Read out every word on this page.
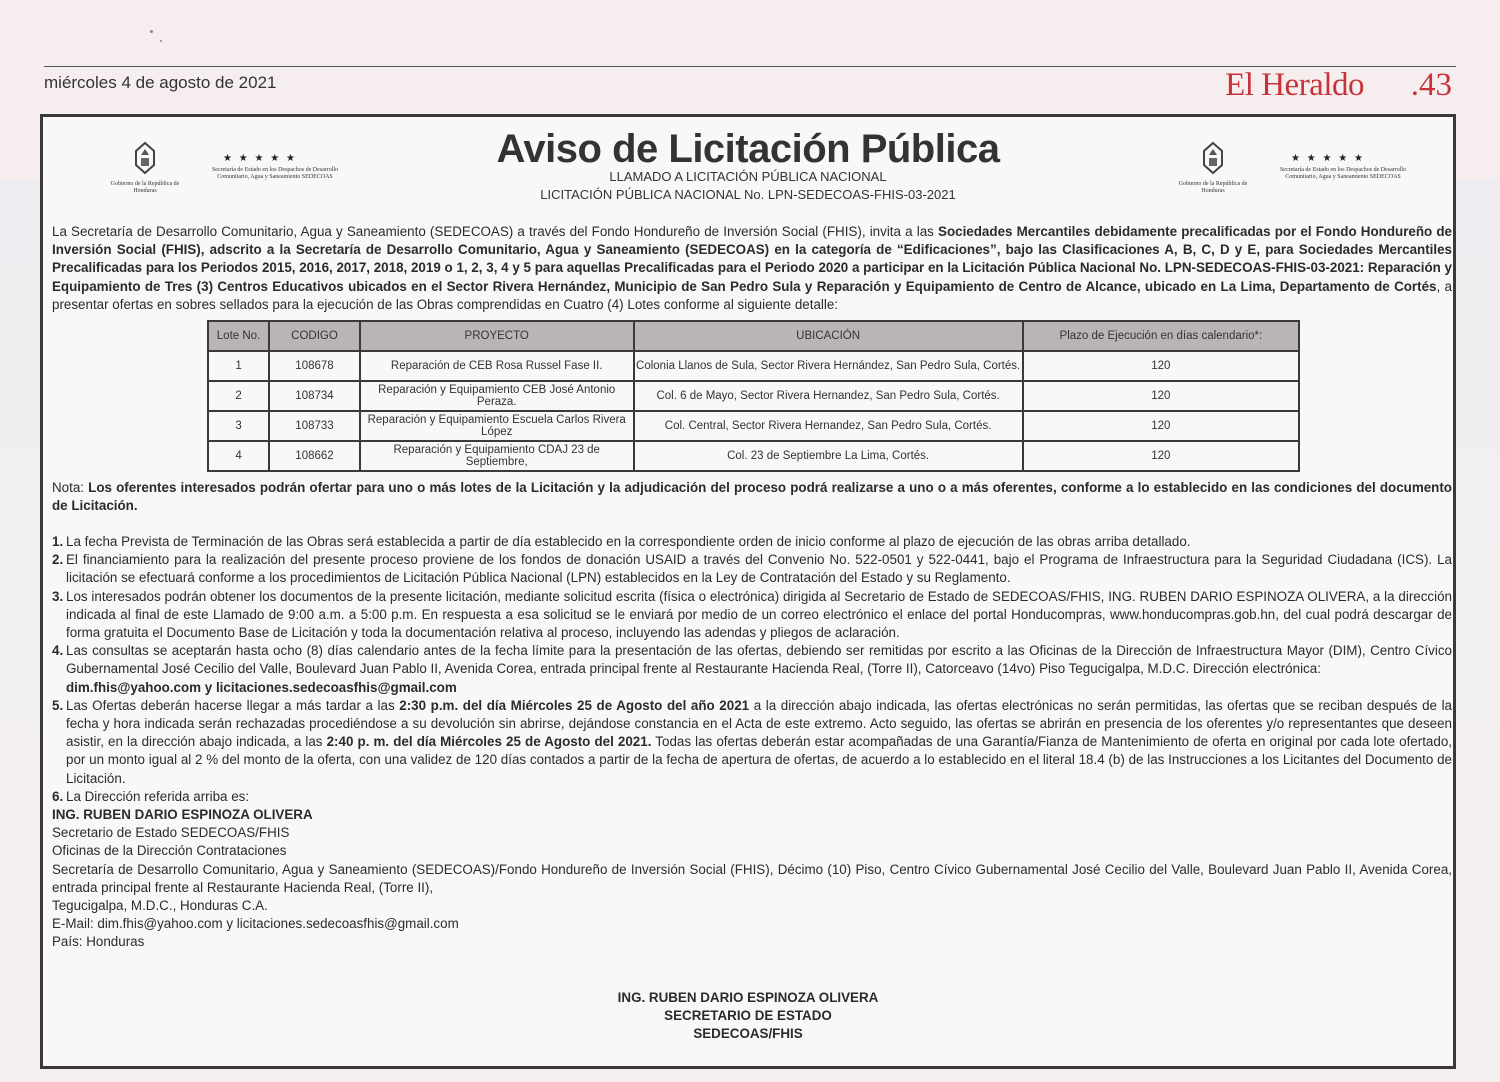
miércoles 4 de agosto de 2021	El Heraldo .43
Gobierno de la República de Honduras
★ ★ ★ ★ ★
Secretaría de Estado en los Despachos de Desarrollo Comunitario, Agua y Saneamiento SEDECOAS
Gobierno de la República de Honduras
★ ★ ★ ★ ★
Secretaría de Estado en los Despachos de Desarrollo Comunitario, Agua y Saneamiento SEDECOAS
Aviso de Licitación Pública
LLAMADO A LICITACIÓN PÚBLICA NACIONAL
LICITACIÓN PÚBLICA NACIONAL No. LPN-SEDECOAS-FHIS-03-2021
La Secretaría de Desarrollo Comunitario, Agua y Saneamiento (SEDECOAS) a través del Fondo Hondureño de Inversión Social (FHIS), invita a las Sociedades Mercantiles debidamente precalificadas por el Fondo Hondureño de Inversión Social (FHIS), adscrito a la Secretaría de Desarrollo Comunitario, Agua y Saneamiento (SEDECOAS) en la categoría de “Edificaciones”, bajo las Clasificaciones A, B, C, D y E, para Sociedades Mercantiles Precalificadas para los Periodos 2015, 2016, 2017, 2018, 2019 o 1, 2, 3, 4 y 5 para aquellas Precalificadas para el Periodo 2020 a participar en la Licitación Pública Nacional No. LPN-SEDECOAS-FHIS-03-2021: Reparación y Equipamiento de Tres (3) Centros Educativos ubicados en el Sector Rivera Hernández, Municipio de San Pedro Sula y Reparación y Equipamiento de Centro de Alcance, ubicado en La Lima, Departamento de Cortés, a presentar ofertas en sobres sellados para la ejecución de las Obras comprendidas en Cuatro (4) Lotes conforme al siguiente detalle:
Lote No.	CODIGO	PROYECTO	UBICACIÓN	Plazo de Ejecución en días calendario*:
1	108678	Reparación de CEB Rosa Russel Fase II.	Colonia Llanos de Sula, Sector Rivera Hernández, San Pedro Sula, Cortés.	120
2	108734	Reparación y Equipamiento CEB José Antonio Peraza.	Col. 6 de Mayo, Sector Rivera Hernandez, San Pedro Sula, Cortés.	120
3	108733	Reparación y Equipamiento Escuela Carlos Rivera López	Col. Central, Sector Rivera Hernandez, San Pedro Sula, Cortés.	120
4	108662	Reparación y Equipamiento CDAJ 23 de Septiembre,	Col. 23 de Septiembre La Lima, Cortés.	120
Nota: Los oferentes interesados podrán ofertar para uno o más lotes de la Licitación y la adjudicación del proceso podrá realizarse a uno o a más oferentes, conforme a lo establecido en las condiciones del documento de Licitación.
1. La fecha Prevista de Terminación de las Obras será establecida a partir de día establecido en la correspondiente orden de inicio conforme al plazo de ejecución de las obras arriba detallado.
2. El financiamiento para la realización del presente proceso proviene de los fondos de donación USAID a través del Convenio No. 522-0501 y 522-0441, bajo el Programa de Infraestructura para la Seguridad Ciudadana (ICS). La licitación se efectuará conforme a los procedimientos de Licitación Pública Nacional (LPN) establecidos en la Ley de Contratación del Estado y su Reglamento.
3. Los interesados podrán obtener los documentos de la presente licitación, mediante solicitud escrita (física o electrónica) dirigida al Secretario de Estado de SEDECOAS/FHIS, ING. RUBEN DARIO ESPINOZA OLIVERA, a la dirección indicada al final de este Llamado de 9:00 a.m. a 5:00 p.m. En respuesta a esa solicitud se le enviará por medio de un correo electrónico el enlace del portal Honducompras, www.honducompras.gob.hn, del cual podrá descargar de forma gratuita el Documento Base de Licitación y toda la documentación relativa al proceso, incluyendo las adendas y pliegos de aclaración.
4. Las consultas se aceptarán hasta ocho (8) días calendario antes de la fecha límite para la presentación de las ofertas, debiendo ser remitidas por escrito a las Oficinas de la Dirección de Infraestructura Mayor (DIM), Centro Cívico Gubernamental José Cecilio del Valle, Boulevard Juan Pablo II, Avenida Corea, entrada principal frente al Restaurante Hacienda Real, (Torre II), Catorceavo (14vo) Piso Tegucigalpa, M.D.C. Dirección electrónica:
dim.fhis@yahoo.com y licitaciones.sedecoasfhis@gmail.com
5. Las Ofertas deberán hacerse llegar a más tardar a las 2:30 p.m. del día Miércoles 25 de Agosto del año 2021 a la dirección abajo indicada, las ofertas electrónicas no serán permitidas, las ofertas que se reciban después de la fecha y hora indicada serán rechazadas procediéndose a su devolución sin abrirse, dejándose constancia en el Acta de este extremo. Acto seguido, las ofertas se abrirán en presencia de los oferentes y/o representantes que deseen asistir, en la dirección abajo indicada, a las 2:40 p. m. del día Miércoles 25 de Agosto del 2021. Todas las ofertas deberán estar acompañadas de una Garantía/Fianza de Mantenimiento de oferta en original por cada lote ofertado, por un monto igual al 2 % del monto de la oferta, con una validez de 120 días contados a partir de la fecha de apertura de ofertas, de acuerdo a lo establecido en el literal 18.4 (b) de las Instrucciones a los Licitantes del Documento de Licitación.
6. La Dirección referida arriba es:
ING. RUBEN DARIO ESPINOZA OLIVERA
Secretario de Estado SEDECOAS/FHIS
Oficinas de la Dirección Contrataciones
Secretaría de Desarrollo Comunitario, Agua y Saneamiento (SEDECOAS)/Fondo Hondureño de Inversión Social (FHIS), Décimo (10) Piso, Centro Cívico Gubernamental José Cecilio del Valle, Boulevard Juan Pablo II, Avenida Corea, entrada principal frente al Restaurante Hacienda Real, (Torre II),
Tegucigalpa, M.D.C., Honduras C.A.
E-Mail: dim.fhis@yahoo.com y licitaciones.sedecoasfhis@gmail.com
País: Honduras
ING. RUBEN DARIO ESPINOZA OLIVERA
SECRETARIO DE ESTADO
SEDECOAS/FHIS
